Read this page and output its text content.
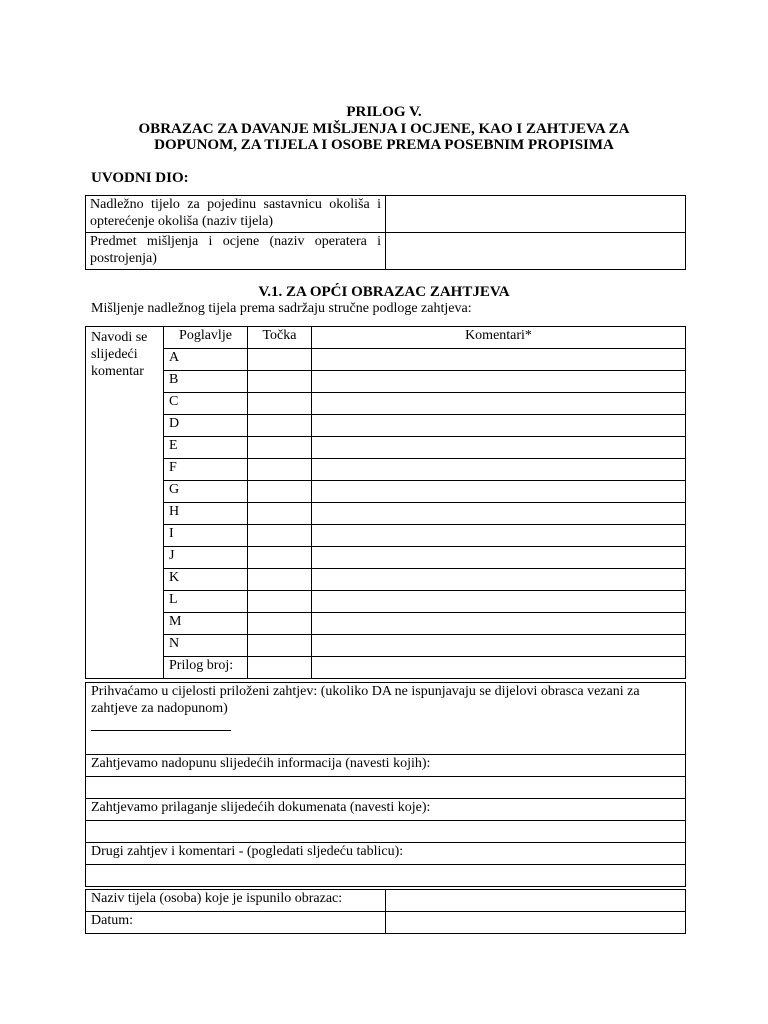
PRILOG V.
OBRAZAC ZA DAVANJE MIŠLJENJA I OCJENE, KAO I ZAHTJEVA ZA
DOPUNOM, ZA TIJELA I OSOBE PREMA POSEBNIM PROPISIMA
UVODNI DIO:
Nadležno tijelo za pojedinu sastavnicu okoliša i opterećenje okoliša (naziv tijela)	
Predmet mišljenja i ocjene (naziv operatera i postrojenja)	
V.1. ZA OPĆI OBRAZAC ZAHTJEVA
Mišljenje nadležnog tijela prema sadržaju stručne podloge zahtjeva:
Navodi se slijedeći komentar	Poglavlje	Točka	Komentari*
	A		
	B		
	C		
	D		
	E		
	F		
	G		
	H		
	I		
	J		
	K		
	L		
	M		
	N		
	Prilog broj:		
Prihvaćamo u cijelosti priloženi zahtjev: (ukoliko DA ne ispunjavaju se dijelovi obrasca vezani za zahtjeve za nadopunom)

Zahtjevamo nadopunu slijedećih informacija (navesti kojih):

Zahtjevamo prilaganje slijedećih dokumenata (navesti koje):

Drugi zahtjev i komentari - (pogledati sljedeću tablicu):

Naziv tijela (osoba) koje je ispunilo obrazac:	
Datum:	
